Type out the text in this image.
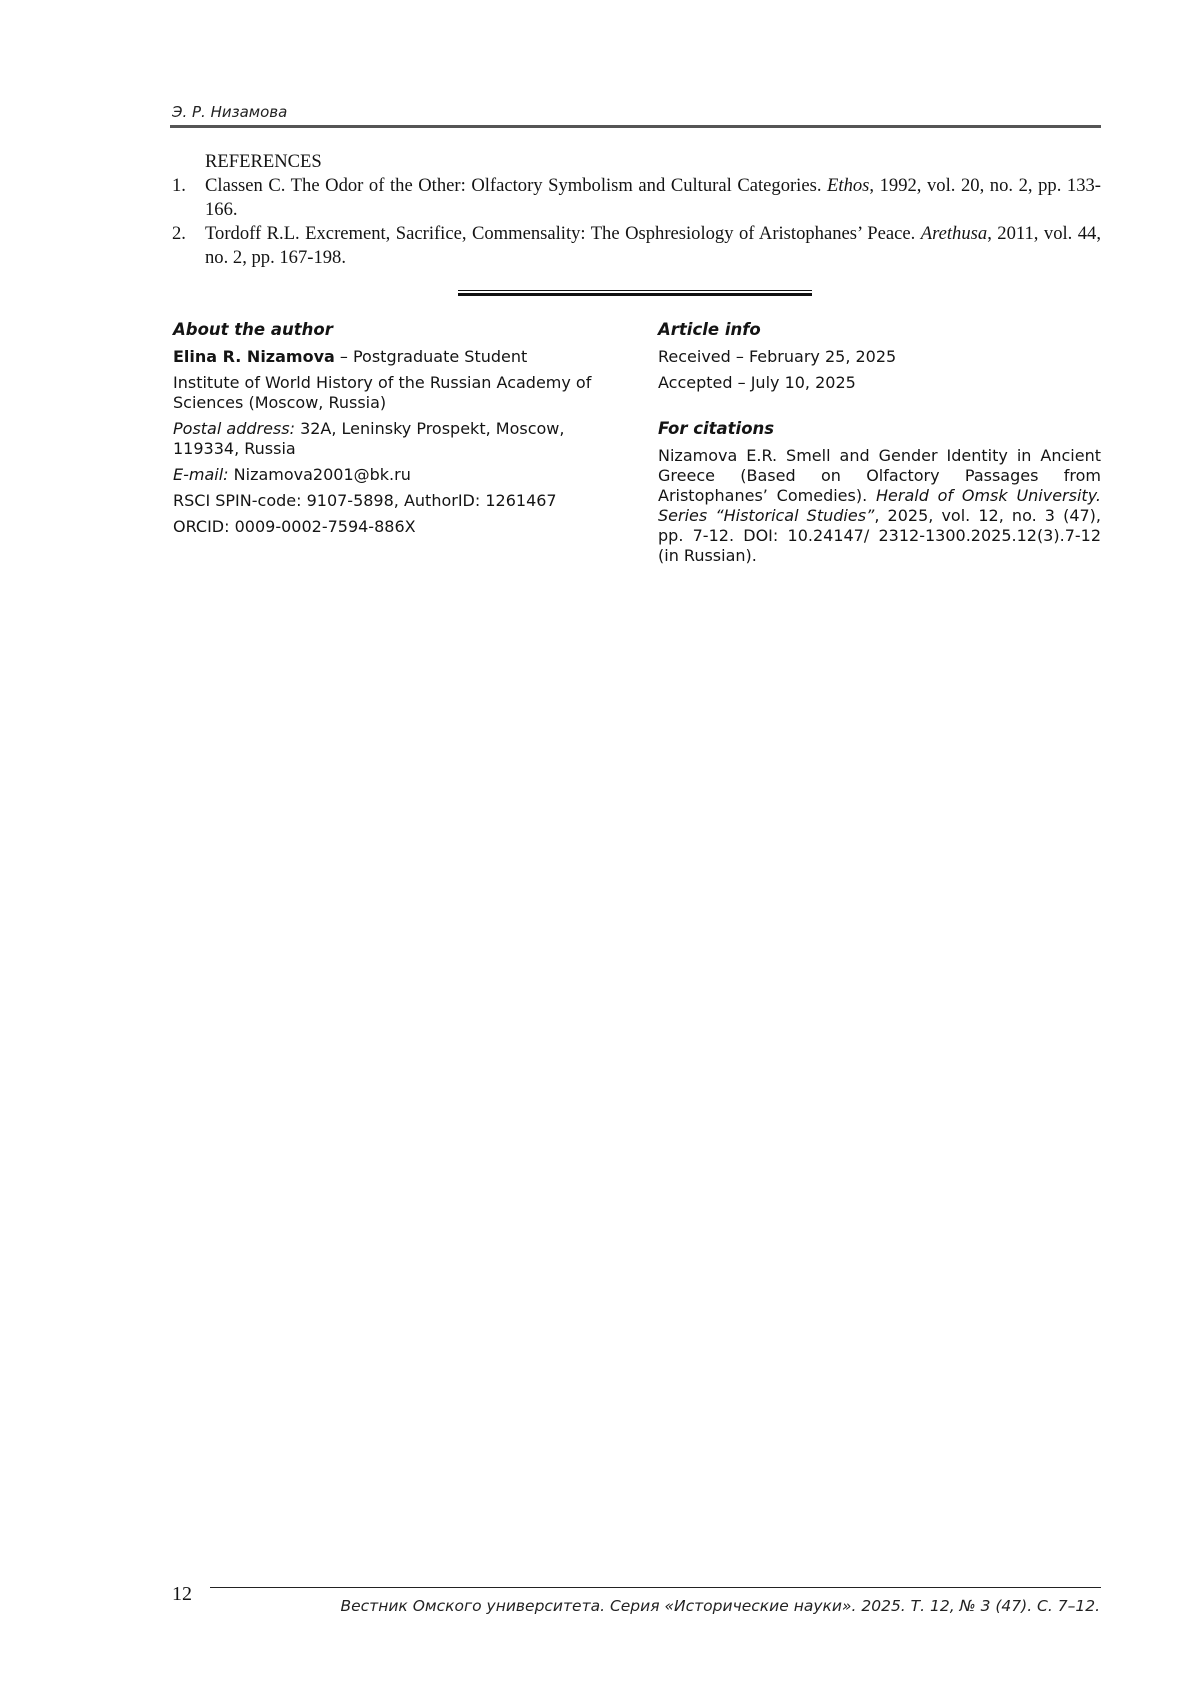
Э. Р. Низамова
REFERENCES
1.	Classen C. The Odor of the Other: Olfactory Symbolism and Cultural Categories. Ethos, 1992, vol. 20, no. 2, pp. 133-166.
2.	Tordoff R.L. Excrement, Sacrifice, Commensality: The Osphresiology of Aristophanes’ Peace. Arethusa, 2011, vol. 44, no. 2, pp. 167-198.
About the author

Elina R. Nizamova – Postgraduate Student

Institute of World History of the Russian Academy of Sciences (Moscow, Russia)

Postal address: 32A, Leninsky Prospekt, Moscow, 119334, Russia

E-mail: Nizamova2001@bk.ru

RSCI SPIN-code: 9107-5898, AuthorID: 1261467

ORCID: 0009-0002-7594-886X

Article info

Received – February 25, 2025

Accepted – July 10, 2025

For citations

Nizamova E.R. Smell and Gender Identity in Ancient Greece (Based on Olfactory Passages from Aristophanes’ Comedies). Herald of Omsk University. Series “Historical Studies”, 2025, vol. 12, no. 3 (47), pp. 7-12. DOI: 10.24147/ 2312-1300.2025.12(3).7-12 (in Russian).

12
Вестник Омского университета. Серия «Исторические науки». 2025. Т. 12, № 3 (47). С. 7–12.
